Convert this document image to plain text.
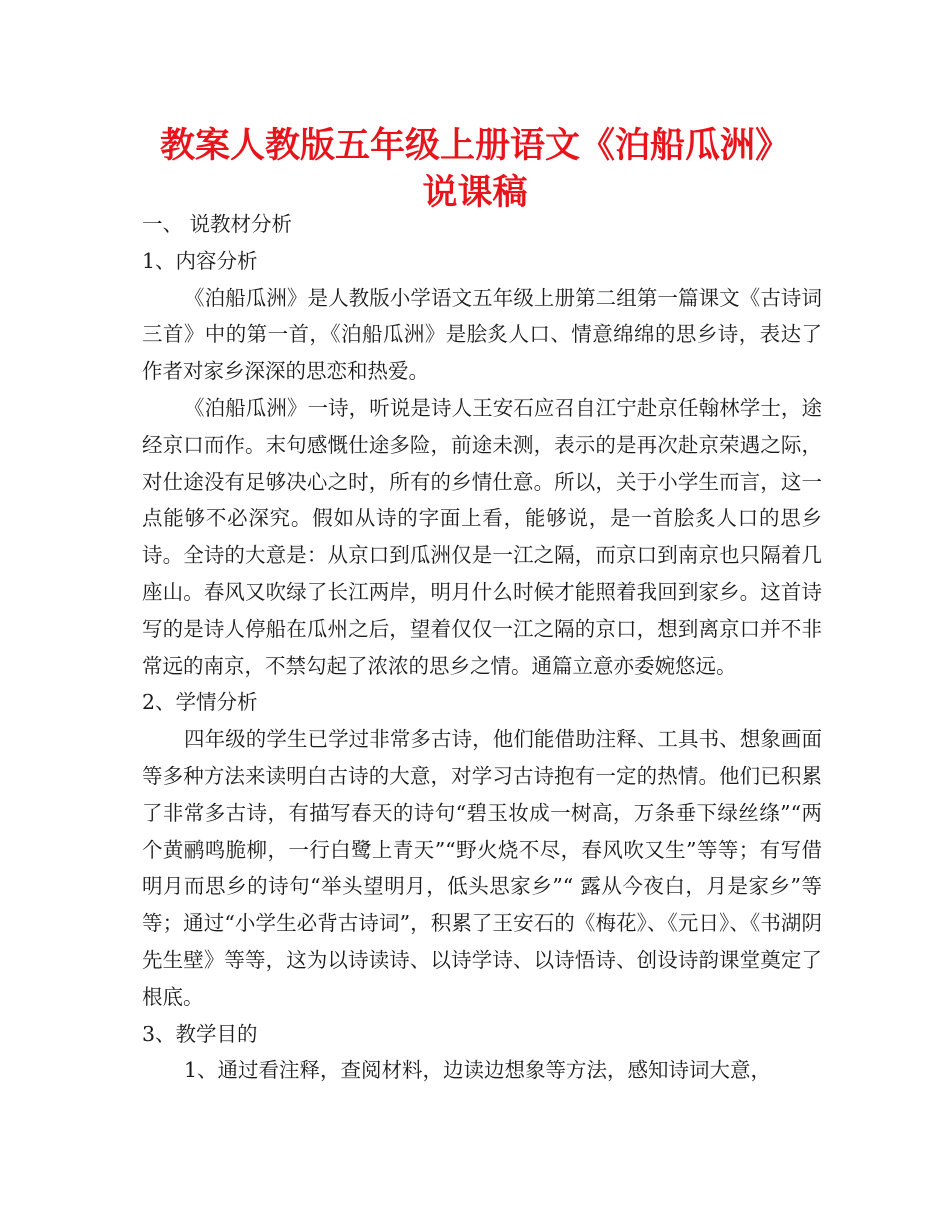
教案人教版五年级上册语文《泊船瓜洲》
说课稿

一、 说教材分析

1、内容分析

《泊船瓜洲》是人教版小学语文五年级上册第二组第一篇课文《古诗词三首》中的第一首，《泊船瓜洲》是脍炙人口、情意绵绵的思乡诗，表达了作者对家乡深深的思恋和热爱。

《泊船瓜洲》一诗，听说是诗人王安石应召自江宁赴京任翰林学士，途经京口而作。末句感慨仕途多险，前途未测，表示的是再次赴京荣遇之际，对仕途没有足够决心之时，所有的乡情仕意。所以，关于小学生而言，这一点能够不必深究。假如从诗的字面上看，能够说，是一首脍炙人口的思乡诗。全诗的大意是：从京口到瓜洲仅是一江之隔，而京口到南京也只隔着几座山。春风又吹绿了长江两岸，明月什么时候才能照着我回到家乡。这首诗写的是诗人停船在瓜州之后，望着仅仅一江之隔的京口，想到离京口并不非常远的南京，不禁勾起了浓浓的思乡之情。通篇立意亦委婉悠远。

2、学情分析

四年级的学生已学过非常多古诗，他们能借助注释、工具书、想象画面等多种方法来读明白古诗的大意，对学习古诗抱有一定的热情。他们已积累了非常多古诗，有描写春天的诗句“碧玉妆成一树高，万条垂下绿丝绦”“两个黄鹂鸣脆柳，一行白鹭上青天”“野火烧不尽，春风吹又生”等等；有写借明月而思乡的诗句“举头望明月，低头思家乡”“ 露从今夜白，月是家乡”等等；通过“小学生必背古诗词”，积累了王安石的《梅花》、《元日》、《书湖阴先生壁》等等，这为以诗读诗、以诗学诗、以诗悟诗、创设诗韵课堂奠定了根底。

3、教学目的

1、通过看注释，查阅材料，边读边想象等方法，感知诗词大意，
